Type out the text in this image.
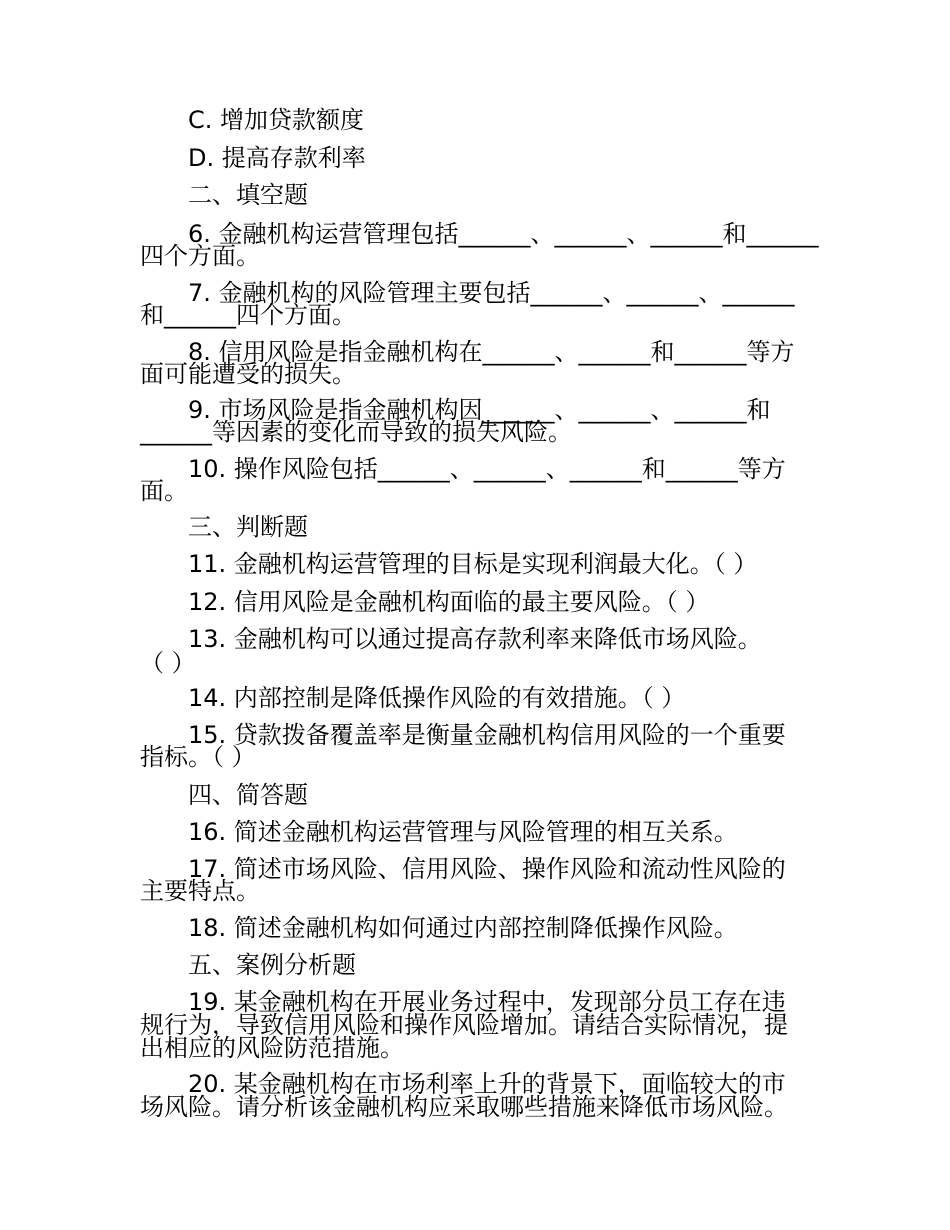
C. 增加贷款额度
D. 提高存款利率
二、填空题
6. 金融机构运营管理包括______、______、______和______
四个方面。
7. 金融机构的风险管理主要包括______、______、______
和______四个方面。
8. 信用风险是指金融机构在______、______和______等方
面可能遭受的损失。
9. 市场风险是指金融机构因______、______、______和
______等因素的变化而导致的损失风险。
10. 操作风险包括______、______、______和______等方
面。
三、判断题
11. 金融机构运营管理的目标是实现利润最大化。（ ）
12. 信用风险是金融机构面临的最主要风险。（ ）
13. 金融机构可以通过提高存款利率来降低市场风险。
（ ）
14. 内部控制是降低操作风险的有效措施。（ ）
15. 贷款拨备覆盖率是衡量金融机构信用风险的一个重要
指标。（ ）
四、简答题
16. 简述金融机构运营管理与风险管理的相互关系。
17. 简述市场风险、信用风险、操作风险和流动性风险的
主要特点。
18. 简述金融机构如何通过内部控制降低操作风险。
五、案例分析题
19. 某金融机构在开展业务过程中，发现部分员工存在违
规行为，导致信用风险和操作风险增加。请结合实际情况，提
出相应的风险防范措施。
20. 某金融机构在市场利率上升的背景下，面临较大的市
场风险。请分析该金融机构应采取哪些措施来降低市场风险。
